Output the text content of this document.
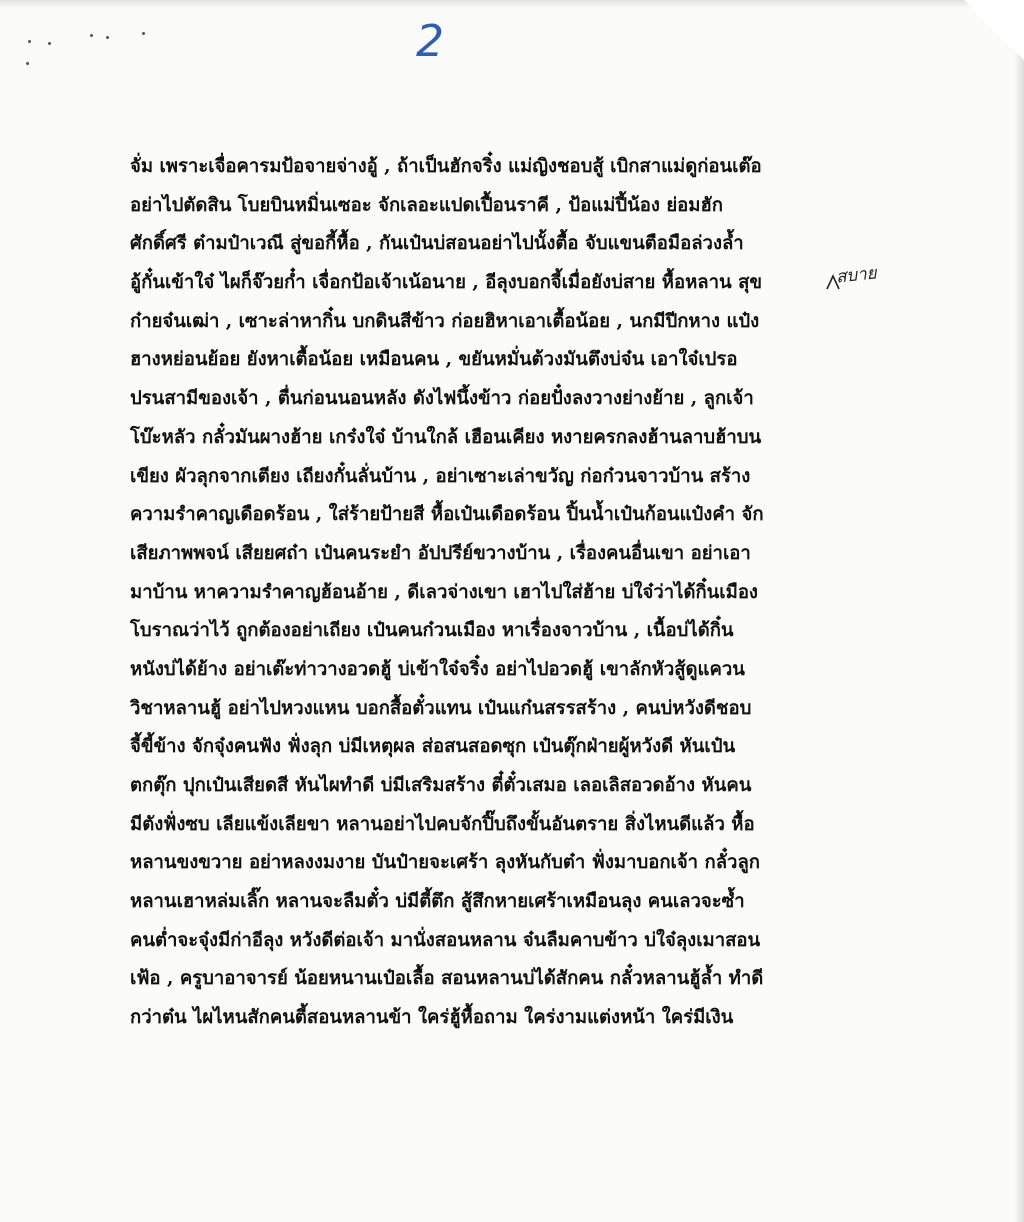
2
สบาย
จั่ม เพราะเจื่อคารมป้อจายจ่างอู้ , ถ้าเป็นฮักจริ๋ง แม่ญิงชอบสู้ เบิกสาแม่ดูก่อนเต๊อ
อย่าไปตัดสิน โบยบินหมิ่นเซอะ จักเลอะแปดเปื้อนราคี , ป้อแม่ปี้น้อง ย่อมฮัก
ศักดิ์ศรี ต๋ามป๋าเวณี สู่ขอกี้หื้อ , กันเป๋นบ่สอนอย่าไปนั้งตื้อ จับแขนตือมือล่วงล้ำ
อู้กั๋นเข้าใจ๋ ไผก็จ๊วยก๋ำ เจื่อกป้อเจ้าเน้อนาย , อีลุงบอกจี้เมื่อยังบ่สาย หื้อหลาน สุข
ก๋ายจ๋นเฒ่า , เซาะล่าหากิ๋น บกดินสีข้าว ก่อยฮิหาเอาเตื้อน้อย , นกมีปีกหาง แป๋ง
ฮางหย่อนย้อย ยังหาเตื้อน้อย เหมือนคน , ขยันหมั่นต้วงมันตึงบ่จ๋น เอาใจ๋เปรอ
ปรนสามีของเจ้า , ตื่นก่อนนอนหลัง ดังไฟนึ้งข้าว ก่อยปั๋งลงวางย่างย้าย , ลูกเจ้า
โบ๊ะหลัว กลั๋วมันผางฮ้าย เกร๋งใจ๋ บ้านใกล้ เฮือนเคียง หงายครกลงฮ้านลาบฮ้าบน
เขียง ผัวลุกจากเตียง เถียงกั๋นลั่นบ้าน , อย่าเซาะเล่าขวัญ ก่อก๋วนจาวบ้าน สร้าง
ความรำคาญเดือดร้อน , ใส่ร้ายป้ายสี หื้อเป๋นเดือดร้อน ปิ้นน้ำเป๋นก้อนแป๋งคำ จัก
เสียภาพพจน์ เสียยศถ๋า เป๋นคนระยำ อัปปรีย์ขวางบ้าน , เรื่องคนอื่นเขา อย่าเอา
มาบ้าน หาความรำคาญฮ้อนอ้าย , ดีเลวจ่างเขา เฮาไปใส่ฮ้าย บ่ใจ๋ว่าได้กิ๋นเมือง
โบราณว่าไว้ ถูกต้องอย่าเถียง เป๋นคนก๋วนเมือง หาเรื่องจาวบ้าน , เนื้อบ่ได้กิ๋น
หนังบ่ได้ย้าง อย่าเต๊ะท่าวางอวดฮู้ บ่เข้าใจ๋จริ๋ง อย่าไปอวดฮู้ เขาลักหัวสู้ดูแควน
วิชาหลานฮู้ อย่าไปหวงแหน บอกสื้อตั๋วแทน เป๋นแก๋นสรรสร้าง , คนบ่หวังดีชอบ
จี้ขี้ข้าง จักจุ๋งคนฟัง ฟั่งลุก บ่มีเหตุผล ส่อสนสอดซุก เป๋นตุ๊กฝ่ายผู้หวังดี หันเป๋น
ตกตุ๊ก ปุกเป๋นเสียดสี หันไผทำดี บ่มีเสริมสร้าง ตี๋ตั๋วเสมอ เลอเลิสอวดอ้าง หันคน
มีตังฟั่งซบ เลียแข้งเลียขา หลานอย่าไปคบจักปิ๊บถึงขั้นอันตราย สิ่งไหนดีแล้ว หื้อ
หลานขงขวาย อย่าหลงงมงาย บันป๋ายจะเศร้า ลุงหันกับต๋า ฟั่งมาบอกเจ้า กลั๋วลูก
หลานเฮาหล่มเลิ๊ก หลานจะลืมตั๋ว บ่มีตี้ตึก สู้สึกหายเศร้าเหมือนลุง คนเลวจะซ้ำ
คนต่ำจะจุ๋งมีก่าอีลุง หวังดีต่อเจ้า มานั่งสอนหลาน จ๋นลืมคาบข้าว บ่ใจ๋ลุงเมาสอน
เฟ้อ , ครูบาอาจารย์ น้อยหนานเป๋อเลื้อ สอนหลานบ่ได้สักคน กลั๋วหลานฮู้ล้ำ ทำดี
กว่าต๋น ไผไหนสักคนตี้สอนหลานข้า ใคร่ฮู้หื้อถาม ใคร่งามแต่งหน้า ใคร่มีเงิน
